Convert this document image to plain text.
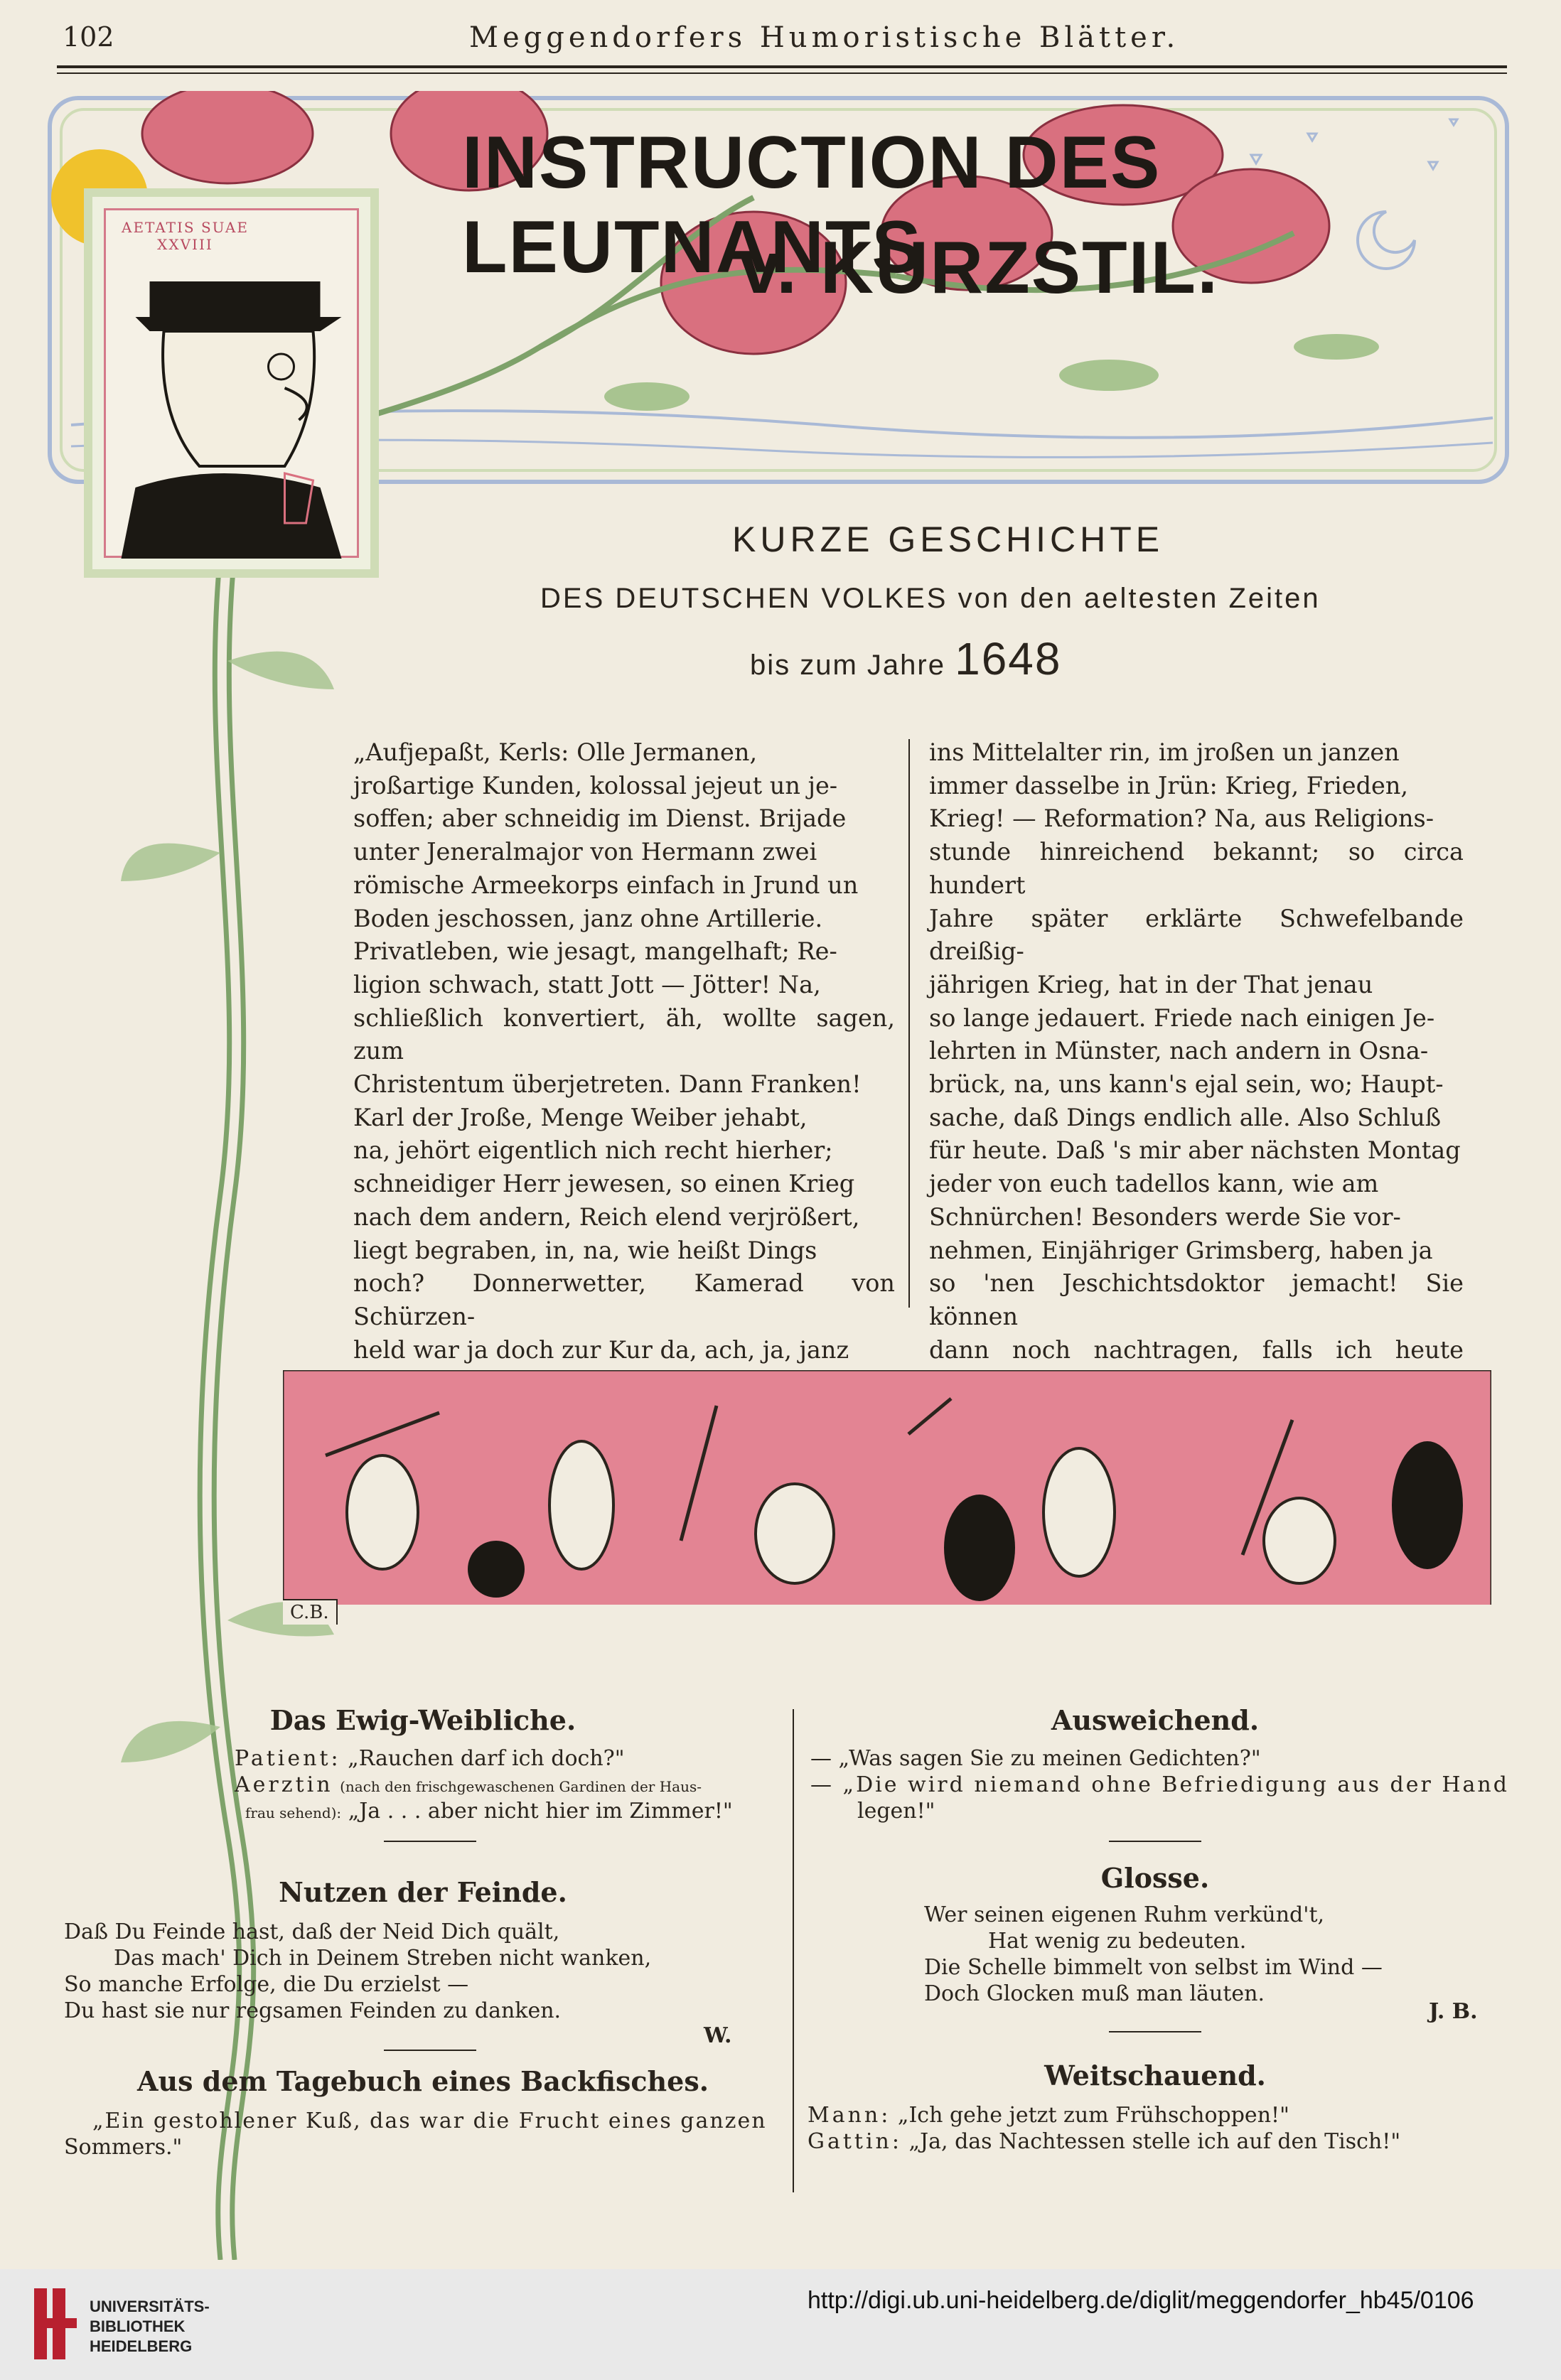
102	Meggendorfers Humoristische Blätter.
AETATIS SUAE
XXVIII
INSTRUCTION DES LEUTNANTS
v. KURZSTIL.
KURZE GESCHICHTE
DES DEUTSCHEN VOLKES von den aeltesten Zeiten
bis zum Jahre 1648
„Aufjepaßt, Kerls: Olle Jermanen,
jroßartige Kunden, kolossal jejeut un je-
soffen; aber schneidig im Dienst. Brijade
unter Jeneralmajor von Hermann zwei
römische Armeekorps einfach in Jrund un
Boden jeschossen, janz ohne Artillerie.
Privatleben, wie jesagt, mangelhaft; Re-
ligion schwach, statt Jott — Jötter! Na,
schließlich konvertiert, äh, wollte sagen, zum
Christentum überjetreten. Dann Franken!
Karl der Jroße, Menge Weiber jehabt,
na, jehört eigentlich nich recht hierher;
schneidiger Herr jewesen, so einen Krieg
nach dem andern, Reich elend verjrößert,
liegt begraben, in, na, wie heißt Dings
noch? Donnerwetter, Kamerad von Schürzen-
held war ja doch zur Kur da, ach, ja, janz
ins Mittelalter rin, im jroßen un janzen
immer dasselbe in Jrün: Krieg, Frieden,
Krieg! — Reformation? Na, aus Religions-
stunde hinreichend bekannt; so circa hundert
Jahre später erklärte Schwefelbande dreißig-
jährigen Krieg, hat in der That jenau
so lange jedauert. Friede nach einigen Je-
lehrten in Münster, nach andern in Osna-
brück, na, uns kann's ejal sein, wo; Haupt-
sache, daß Dings endlich alle. Also Schluß
für heute. Daß 's mir aber nächsten Montag
jeder von euch tadellos kann, wie am
Schnürchen! Besonders werde Sie vor-
nehmen, Einjähriger Grimsberg, haben ja
so 'nen Jeschichtsdoktor jemacht! Sie können
dann noch nachtragen, falls ich heute
C.B.
Das Ewig-Weibliche.
Patient: „Rauchen darf ich doch?"
Aerztin (nach den frischgewaschenen Gardinen der Haus-
frau sehend): „Ja . . . aber nicht hier im Zimmer!"
Nutzen der Feinde.
Daß Du Feinde hast, daß der Neid Dich quält,
Das mach' Dich in Deinem Streben nicht wanken,
So manche Erfolge, die Du erzielst —
Du hast sie nur regsamen Feinden zu danken.
W.
Aus dem Tagebuch eines Backfisches.
„Ein gestohlener Kuß, das war die Frucht eines ganzen
Sommers."
Ausweichend.
— „Was sagen Sie zu meinen Gedichten?"
— „Die wird niemand ohne Befriedigung aus der Hand
legen!"
Glosse.
Wer seinen eigenen Ruhm verkünd't,
Hat wenig zu bedeuten.
Die Schelle bimmelt von selbst im Wind —
Doch Glocken muß man läuten.
J. B.
Weitschauend.
Mann: „Ich gehe jetzt zum Frühschoppen!"
Gattin: „Ja, das Nachtessen stelle ich auf den Tisch!"
UNIVERSITÄTS-
BIBLIOTHEK
HEIDELBERG
http://digi.ub.uni-heidelberg.de/diglit/meggendorfer_hb45/0106
